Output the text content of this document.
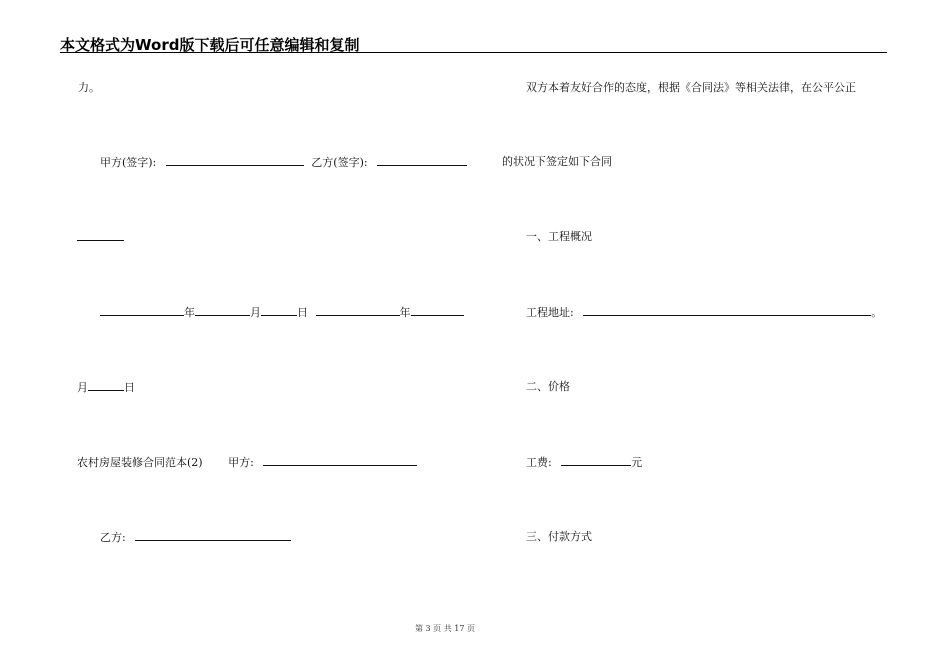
本文格式为Word版下载后可任意编辑和复制
力。
甲方(签字):	乙方(签字):
年	月	日	年
月	日
农村房屋装修合同范本(2) 甲方:
乙方:
双方本着友好合作的态度，根据《合同法》等相关法律，在公平公正
的状况下签定如下合同
一、工程概况
工程地址:	。
二、价格
工费:	元
三、付款方式
第 3 页 共 17 页
